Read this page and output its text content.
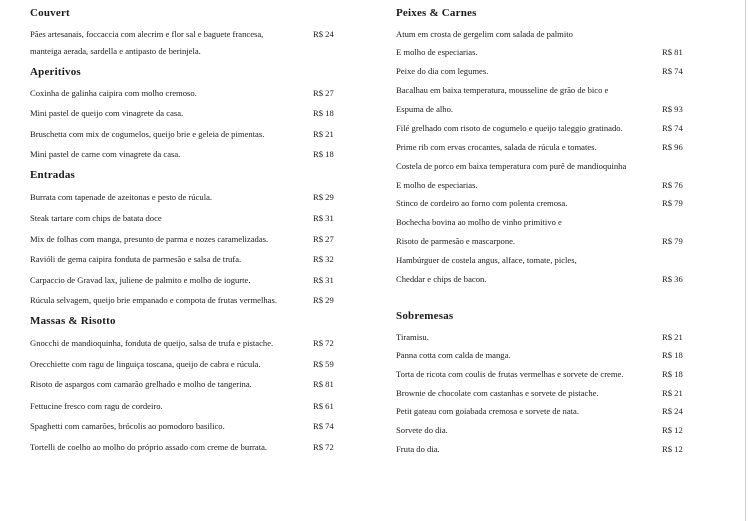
Couvert
Pães artesanais, foccaccia com alecrim e flor sal e baguete francesa,	R$ 24
manteiga aerada, sardella e antipasto de berinjela.
Aperitivos
Coxinha de galinha caipira com molho cremoso.	R$ 27
Mini pastel de queijo com vinagrete da casa.	R$ 18
Bruschetta com mix de cogumelos, queijo brie e geleia de pimentas.	R$ 21
Mini pastel de carne com vinagrete da casa.	R$ 18
Entradas
Burrata com tapenade de azeitonas e pesto de rúcula.	R$ 29
Steak tartare com chips de batata doce	R$ 31
Mix de folhas com manga, presunto de parma e nozes caramelizadas.	R$ 27
Ravióli de gema caipira fonduta de parmesão e salsa de trufa.	R$ 32
Carpaccio de Gravad lax, juliene de palmito e molho de iogurte.	R$ 31
Rúcula selvagem, queijo brie empanado e compota de frutas vermelhas.	R$ 29
Massas & Risotto
Gnocchi de mandioquinha, fonduta de queijo, salsa de trufa e pistache.	R$ 72
Orecchiette com ragu de linguiça toscana, queijo de cabra e rúcula.	R$ 59
Risoto de aspargos com camarão grelhado e molho de tangerina.	R$ 81
Fettucine fresco com ragu de cordeiro.	R$ 61
Spaghetti com camarões, brócolis ao pomodoro basilico.	R$ 74
Tortelli de coelho ao molho do próprio assado com creme de burrata.	R$ 72
Peixes & Carnes
Atum em crosta de gergelim com salada de palmito
E molho de especiarias.	R$ 81
Peixe do dia com legumes.	R$ 74
Bacalhau em baixa temperatura, mousseline de grão de bico e
Espuma de alho.	R$ 93
Filé grelhado com risoto de cogumelo e queijo taleggio gratinado.	R$ 74
Prime rib com ervas crocantes, salada de rúcula e tomates.	R$ 96
Costela de porco em baixa temperatura com purê de mandioquinha
E molho de especiarias.	R$ 76
Stinco de cordeiro ao forno com polenta cremosa.	R$ 79
Bochecha bovina ao molho de vinho primitivo e
Risoto de parmesão e mascarpone.	R$ 79
Hambúrguer de costela angus, alface, tomate, picles,
Cheddar e chips de bacon.	R$ 36
Sobremesas
Tiramisu.	R$ 21
Panna cotta com calda de manga.	R$ 18
Torta de ricota com coulis de frutas vermelhas e sorvete de creme.	R$ 18
Brownie de chocolate com castanhas e sorvete de pistache.	R$ 21
Petit gateau com goiabada cremosa e sorvete de nata.	R$ 24
Sorvete do dia.	R$ 12
Fruta do dia.	R$ 12
